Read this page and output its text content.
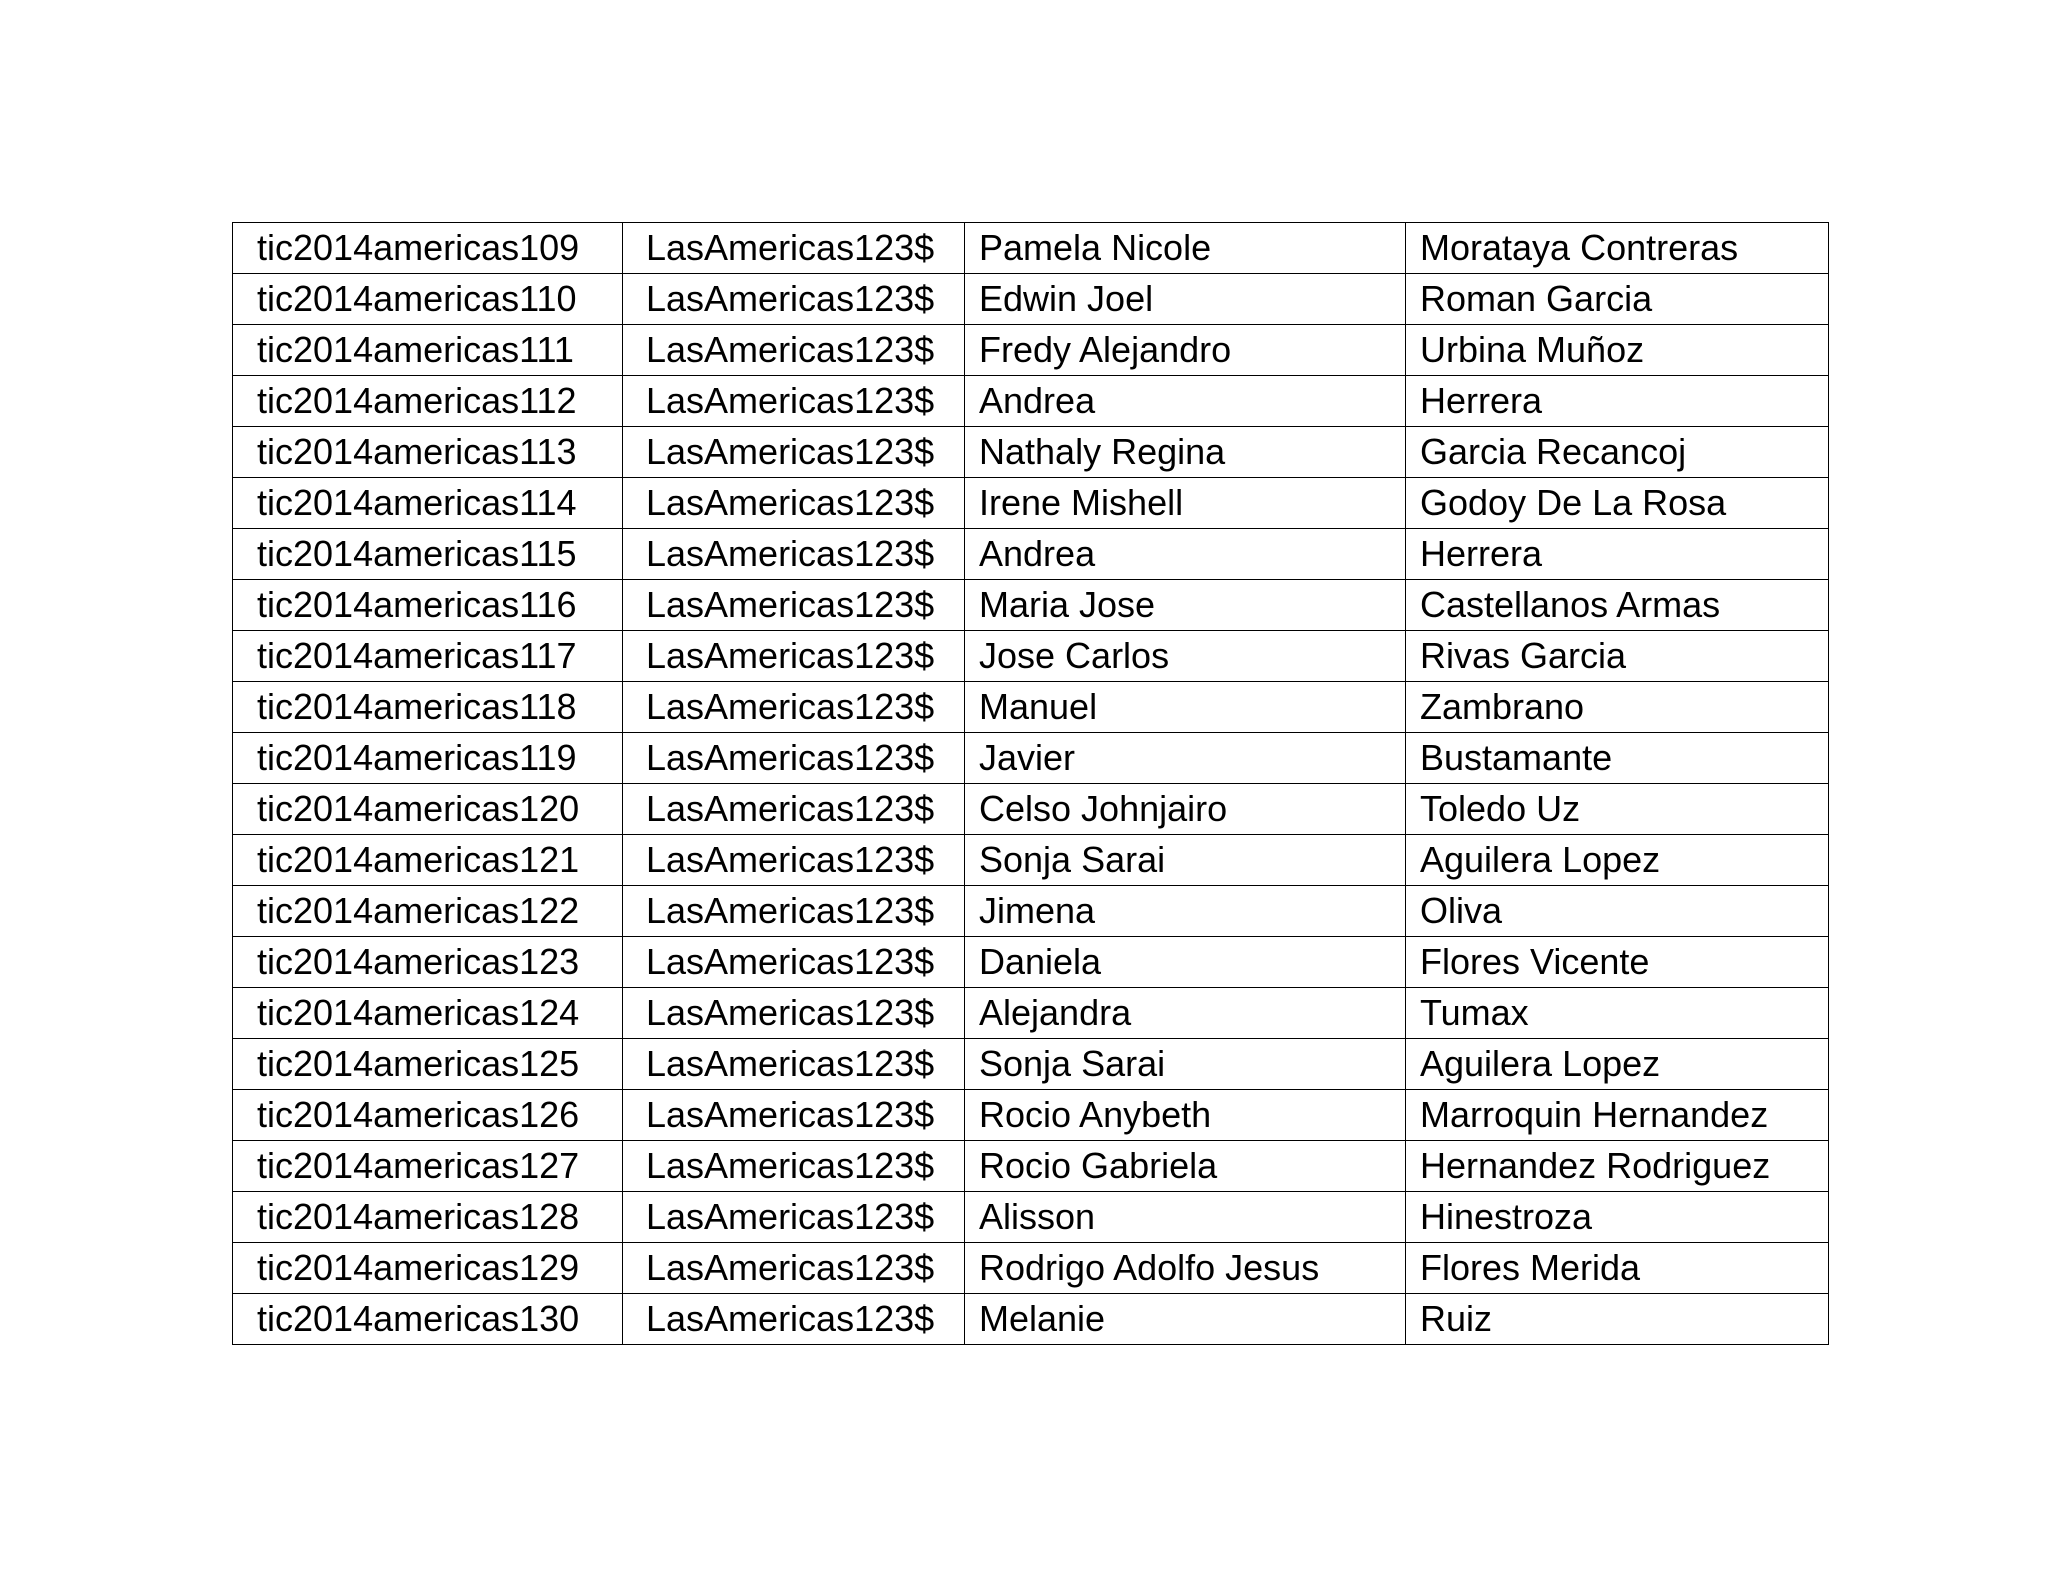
tic2014americas109	LasAmericas123$	Pamela Nicole	Morataya Contreras
tic2014americas110	LasAmericas123$	Edwin Joel	Roman Garcia
tic2014americas111	LasAmericas123$	Fredy Alejandro	Urbina Muñoz
tic2014americas112	LasAmericas123$	Andrea	Herrera
tic2014americas113	LasAmericas123$	Nathaly Regina	Garcia Recancoj
tic2014americas114	LasAmericas123$	Irene Mishell	Godoy De La Rosa
tic2014americas115	LasAmericas123$	Andrea	Herrera
tic2014americas116	LasAmericas123$	Maria Jose	Castellanos Armas
tic2014americas117	LasAmericas123$	Jose Carlos	Rivas Garcia
tic2014americas118	LasAmericas123$	Manuel	Zambrano
tic2014americas119	LasAmericas123$	Javier	Bustamante
tic2014americas120	LasAmericas123$	Celso Johnjairo	Toledo Uz
tic2014americas121	LasAmericas123$	Sonja Sarai	Aguilera Lopez
tic2014americas122	LasAmericas123$	Jimena	Oliva
tic2014americas123	LasAmericas123$	Daniela	Flores Vicente
tic2014americas124	LasAmericas123$	Alejandra	Tumax
tic2014americas125	LasAmericas123$	Sonja Sarai	Aguilera Lopez
tic2014americas126	LasAmericas123$	Rocio Anybeth	Marroquin Hernandez
tic2014americas127	LasAmericas123$	Rocio Gabriela	Hernandez Rodriguez
tic2014americas128	LasAmericas123$	Alisson	Hinestroza
tic2014americas129	LasAmericas123$	Rodrigo Adolfo Jesus	Flores Merida
tic2014americas130	LasAmericas123$	Melanie	Ruiz
